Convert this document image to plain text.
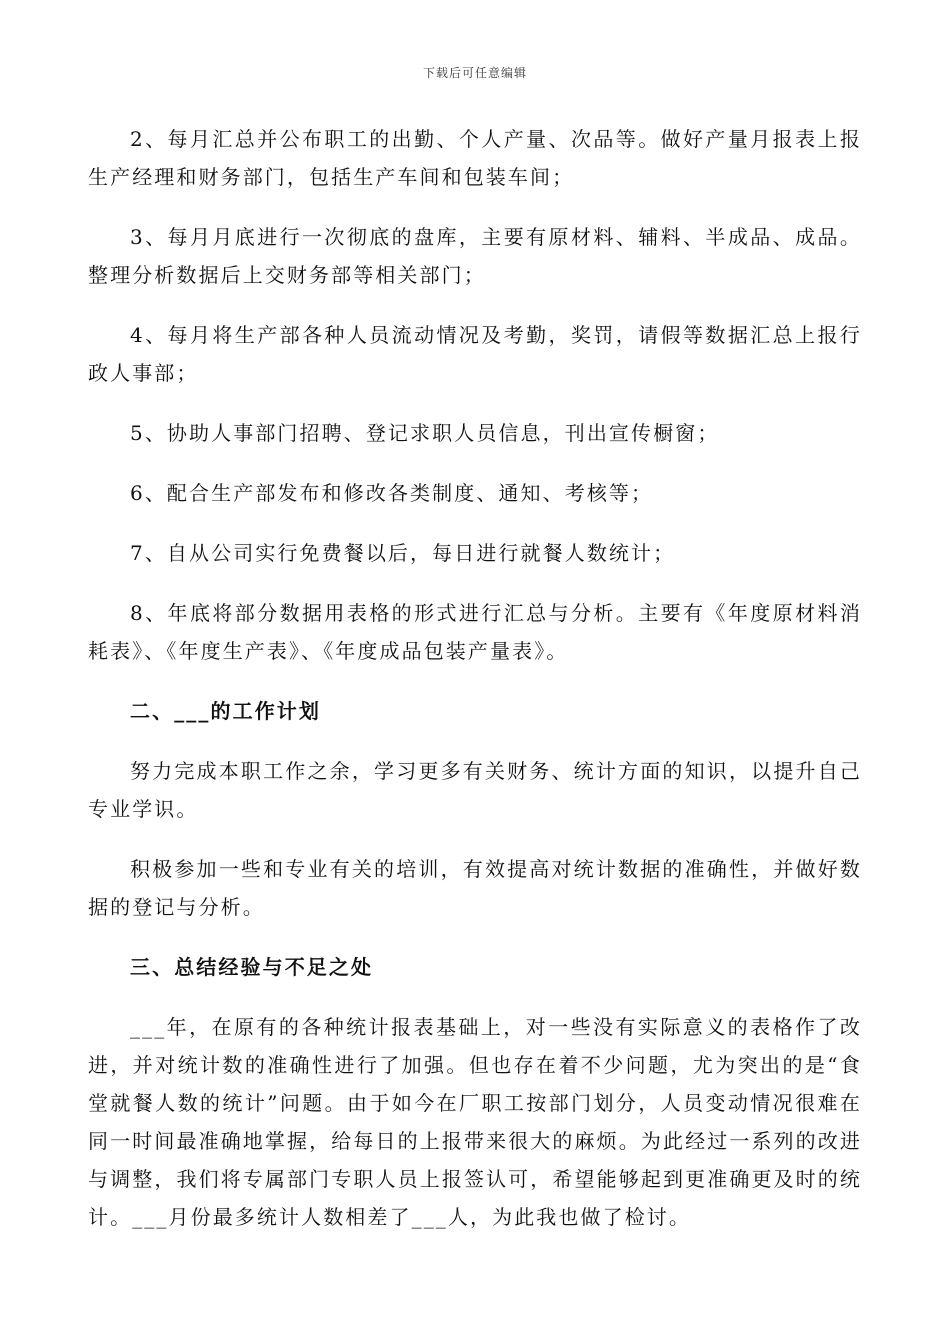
下载后可任意编辑

2、每月汇总并公布职工的出勤、个人产量、次品等。做好产量月报表上报生产经理和财务部门，包括生产车间和包装车间；

3、每月月底进行一次彻底的盘库，主要有原材料、辅料、半成品、成品。整理分析数据后上交财务部等相关部门；

4、每月将生产部各种人员流动情况及考勤，奖罚，请假等数据汇总上报行政人事部；

5、协助人事部门招聘、登记求职人员信息，刊出宣传橱窗；

6、配合生产部发布和修改各类制度、通知、考核等；

7、自从公司实行免费餐以后，每日进行就餐人数统计；

8、年底将部分数据用表格的形式进行汇总与分析。主要有《年度原材料消耗表》、《年度生产表》、《年度成品包装产量表》。

二、___的工作计划

努力完成本职工作之余，学习更多有关财务、统计方面的知识，以提升自己专业学识。

积极参加一些和专业有关的培训，有效提高对统计数据的准确性，并做好数据的登记与分析。

三、总结经验与不足之处

___年，在原有的各种统计报表基础上，对一些没有实际意义的表格作了改进，并对统计数的准确性进行了加强。但也存在着不少问题，尤为突出的是“食堂就餐人数的统计”问题。由于如今在厂职工按部门划分，人员变动情况很难在同一时间最准确地掌握，给每日的上报带来很大的麻烦。为此经过一系列的改进与调整，我们将专属部门专职人员上报签认可，希望能够起到更准确更及时的统计。___月份最多统计人数相差了___人，为此我也做了检讨。
